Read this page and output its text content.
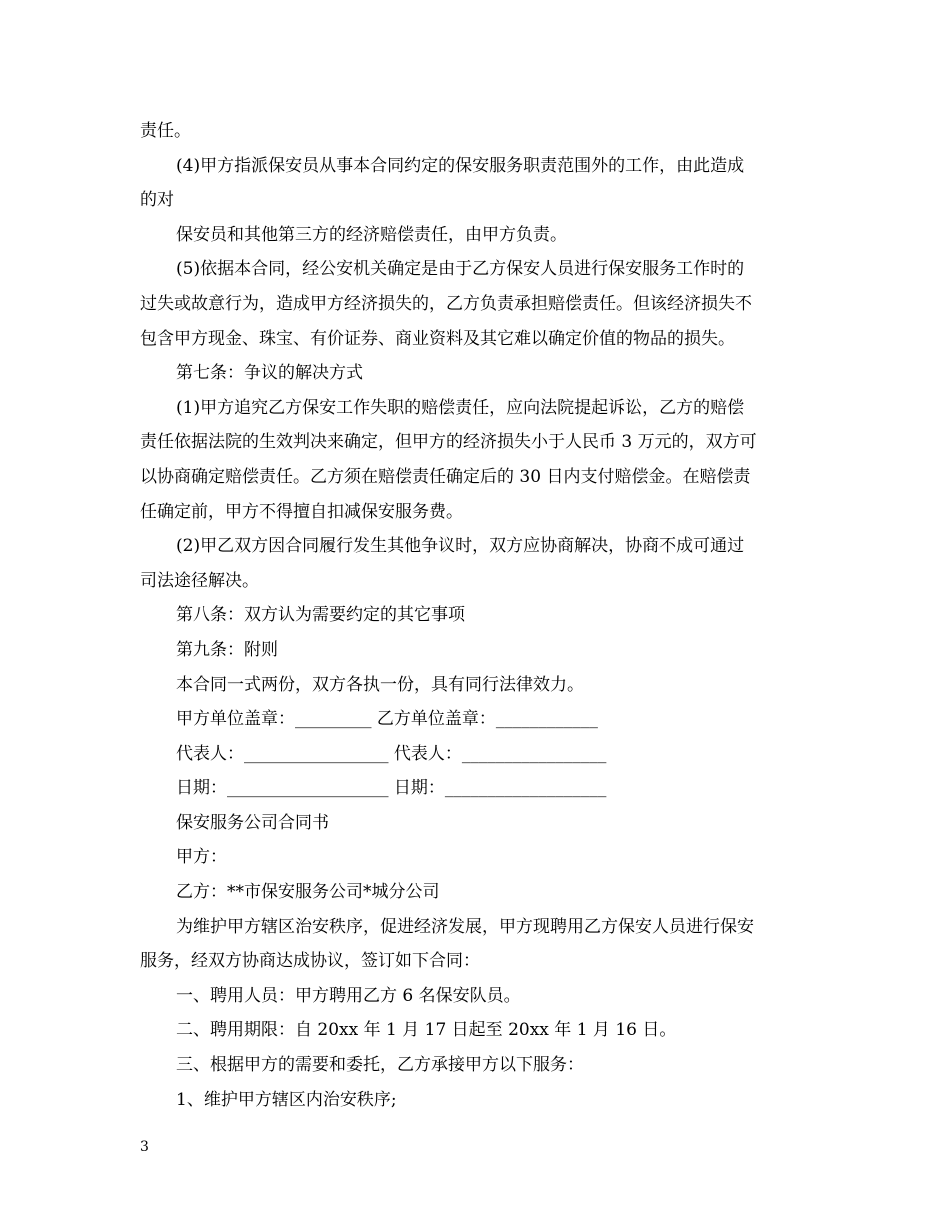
责任。
(4)甲方指派保安员从事本合同约定的保安服务职责范围外的工作，由此造成
的对
保安员和其他第三方的经济赔偿责任，由甲方负责。
(5)依据本合同，经公安机关确定是由于乙方保安人员进行保安服务工作时的
过失或故意行为，造成甲方经济损失的，乙方负责承担赔偿责任。但该经济损失不
包含甲方现金、珠宝、有价证券、商业资料及其它难以确定价值的物品的损失。
第七条：争议的解决方式
(1)甲方追究乙方保安工作失职的赔偿责任，应向法院提起诉讼，乙方的赔偿
责任依据法院的生效判决来确定，但甲方的经济损失小于人民币 3 万元的，双方可
以协商确定赔偿责任。乙方须在赔偿责任确定后的 30 日内支付赔偿金。在赔偿责
任确定前，甲方不得擅自扣减保安服务费。
(2)甲乙双方因合同履行发生其他争议时，双方应协商解决，协商不成可通过
司法途径解决。
第八条：双方认为需要约定的其它事项
第九条：附则
本合同一式两份，双方各执一份，具有同行法律效力。
甲方单位盖章：_________ 乙方单位盖章：____________
代表人：_________________ 代表人：_________________
日期：___________________ 日期：___________________
保安服务公司合同书
甲方：
乙方：**市保安服务公司*城分公司
为维护甲方辖区治安秩序，促进经济发展，甲方现聘用乙方保安人员进行保安
服务，经双方协商达成协议，签订如下合同：
一、聘用人员：甲方聘用乙方 6 名保安队员。
二、聘用期限：自 20xx 年 1 月 17 日起至 20xx 年 1 月 16 日。
三、根据甲方的需要和委托，乙方承接甲方以下服务：
1、维护甲方辖区内治安秩序;
3
